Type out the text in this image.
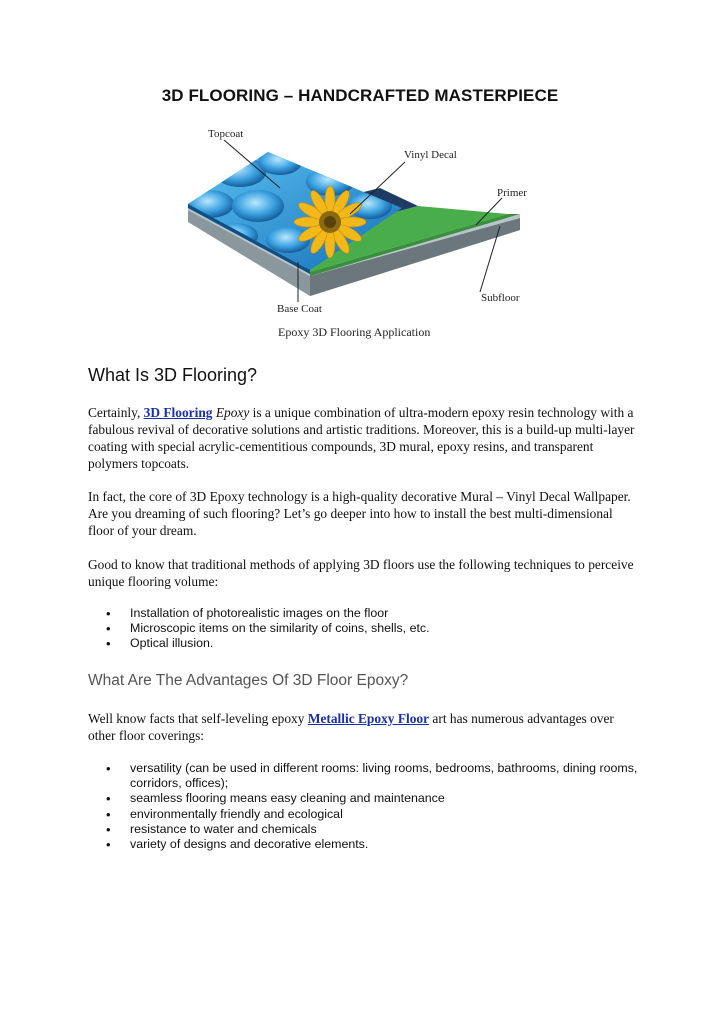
3D FLOORING – HANDCRAFTED MASTERPIECE
Topcoat
Vinyl Decal
Primer
Subfloor
Base Coat
Epoxy 3D Flooring Application
What Is 3D Flooring?

Certainly, 3D Flooring Epoxy is a unique combination of ultra-modern epoxy resin technology with a fabulous revival of decorative solutions and artistic traditions. Moreover, this is a build-up multi-layer coating with special acrylic-cementitious compounds, 3D mural, epoxy resins, and transparent polymers topcoats.

In fact, the core of 3D Epoxy technology is a high-quality decorative Mural – Vinyl Decal Wallpaper. Are you dreaming of such flooring? Let’s go deeper into how to install the best multi-dimensional floor of your dream.

Good to know that traditional methods of applying 3D floors use the following techniques to perceive unique flooring volume:

• Installation of photorealistic images on the floor
• Microscopic items on the similarity of coins, shells, etc.
• Optical illusion.
What Are The Advantages Of 3D Floor Epoxy?

Well know facts that self-leveling epoxy Metallic Epoxy Floor art has numerous advantages over other floor coverings:

• versatility (can be used in different rooms: living rooms, bedrooms, bathrooms, dining rooms, corridors, offices);
• seamless flooring means easy cleaning and maintenance
• environmentally friendly and ecological
• resistance to water and chemicals
• variety of designs and decorative elements.
